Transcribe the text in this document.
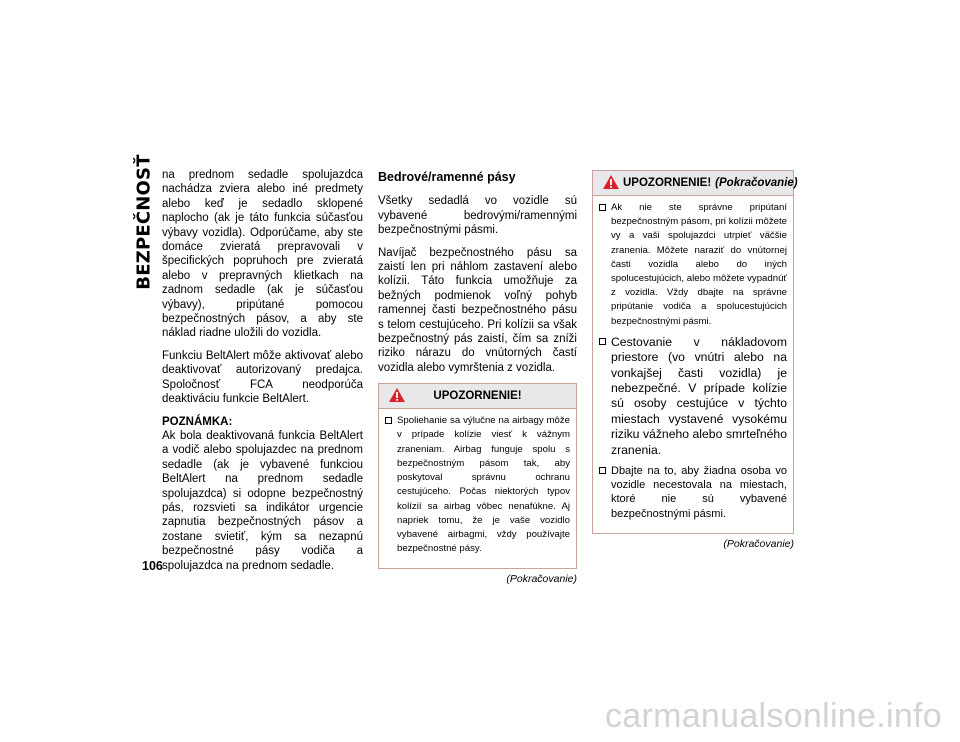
BEZPEČNOSŤ na prednom sedadle spolujazdca nachádza zviera alebo iné predmety alebo keď je sedadlo sklopené naplocho (ak je táto funkcia súčasťou výbavy vozidla). Odporúčame, aby ste domáce zvieratá prepravovali v špecifických popruhoch pre zvieratá alebo v prepravných klietkach na zadnom sedadle (ak je súčasťou výbavy), pripútané pomocou bezpečnostných pásov, a aby ste náklad riadne uložili do vozidla.

Funkciu BeltAlert môže aktivovať alebo deaktivovať autorizovaný predajca. Spoločnosť FCA neodporúča deaktiváciu funkcie BeltAlert.

POZNÁMKA:

Ak bola deaktivovaná funkcia BeltAlert a vodič alebo spolujazdec na prednom sedadle (ak je vybavené funkciou BeltAlert na prednom sedadle spolujazdca) si odopne bezpečnostný pás, rozsvieti sa indikátor urgencie zapnutia bezpečnostných pásov a zostane svietiť, kým sa nezapnú bezpečnostné pásy vodiča a spolujazdca na prednom sedadle.

Bedrové/ramenné pásy

Všetky sedadlá vo vozidle sú vybavené bedrovými/ramennými bezpečnostnými pásmi.

Navíjač bezpečnostného pásu sa zaistí len pri náhlom zastavení alebo kolízii. Táto funkcia umožňuje za bežných podmienok voľný pohyb ramennej časti bezpečnostného pásu s telom cestujúceho. Pri kolízii sa však bezpečnostný pás zaistí, čím sa zníži riziko nárazu do vnútorných častí vozidla alebo vymrštenia z vozidla.

UPOZORNENIE!
Spoliehanie sa výlučne na airbagy môže v prípade kolízie viesť k vážnym zraneniam. Airbag funguje spolu s bezpečnostným pásom tak, aby poskytoval správnu ochranu cestujúceho. Počas niektorých typov kolízií sa airbag vôbec nenafúkne. Aj napriek tomu, že je vaše vozidlo vybavené airbagmi, vždy používajte bezpečnostné pásy.
(Pokračovanie)
UPOZORNENIE! (Pokračovanie)
Ak nie ste správne pripútaní bezpečnostným pásom, pri kolízii môžete vy a vaši spolujazdci utrpieť väčšie zranenia. Môžete naraziť do vnútornej časti vozidla alebo do iných spolucestujúcich, alebo môžete vypadnúť z vozidla. Vždy dbajte na správne pripútanie vodiča a spolucestujúcich bezpečnostnými pásmi.
Cestovanie v nákladovom priestore (vo vnútri alebo na vonkajšej časti vozidla) je nebezpečné. V prípade kolízie sú osoby cestujúce v týchto miestach vystavené vysokému riziku vážneho alebo smrteľného zranenia.
Dbajte na to, aby žiadna osoba vo vozidle necestovala na miestach, ktoré nie sú vybavené bezpečnostnými pásmi.
(Pokračovanie)
106
carmanualsonline.info
